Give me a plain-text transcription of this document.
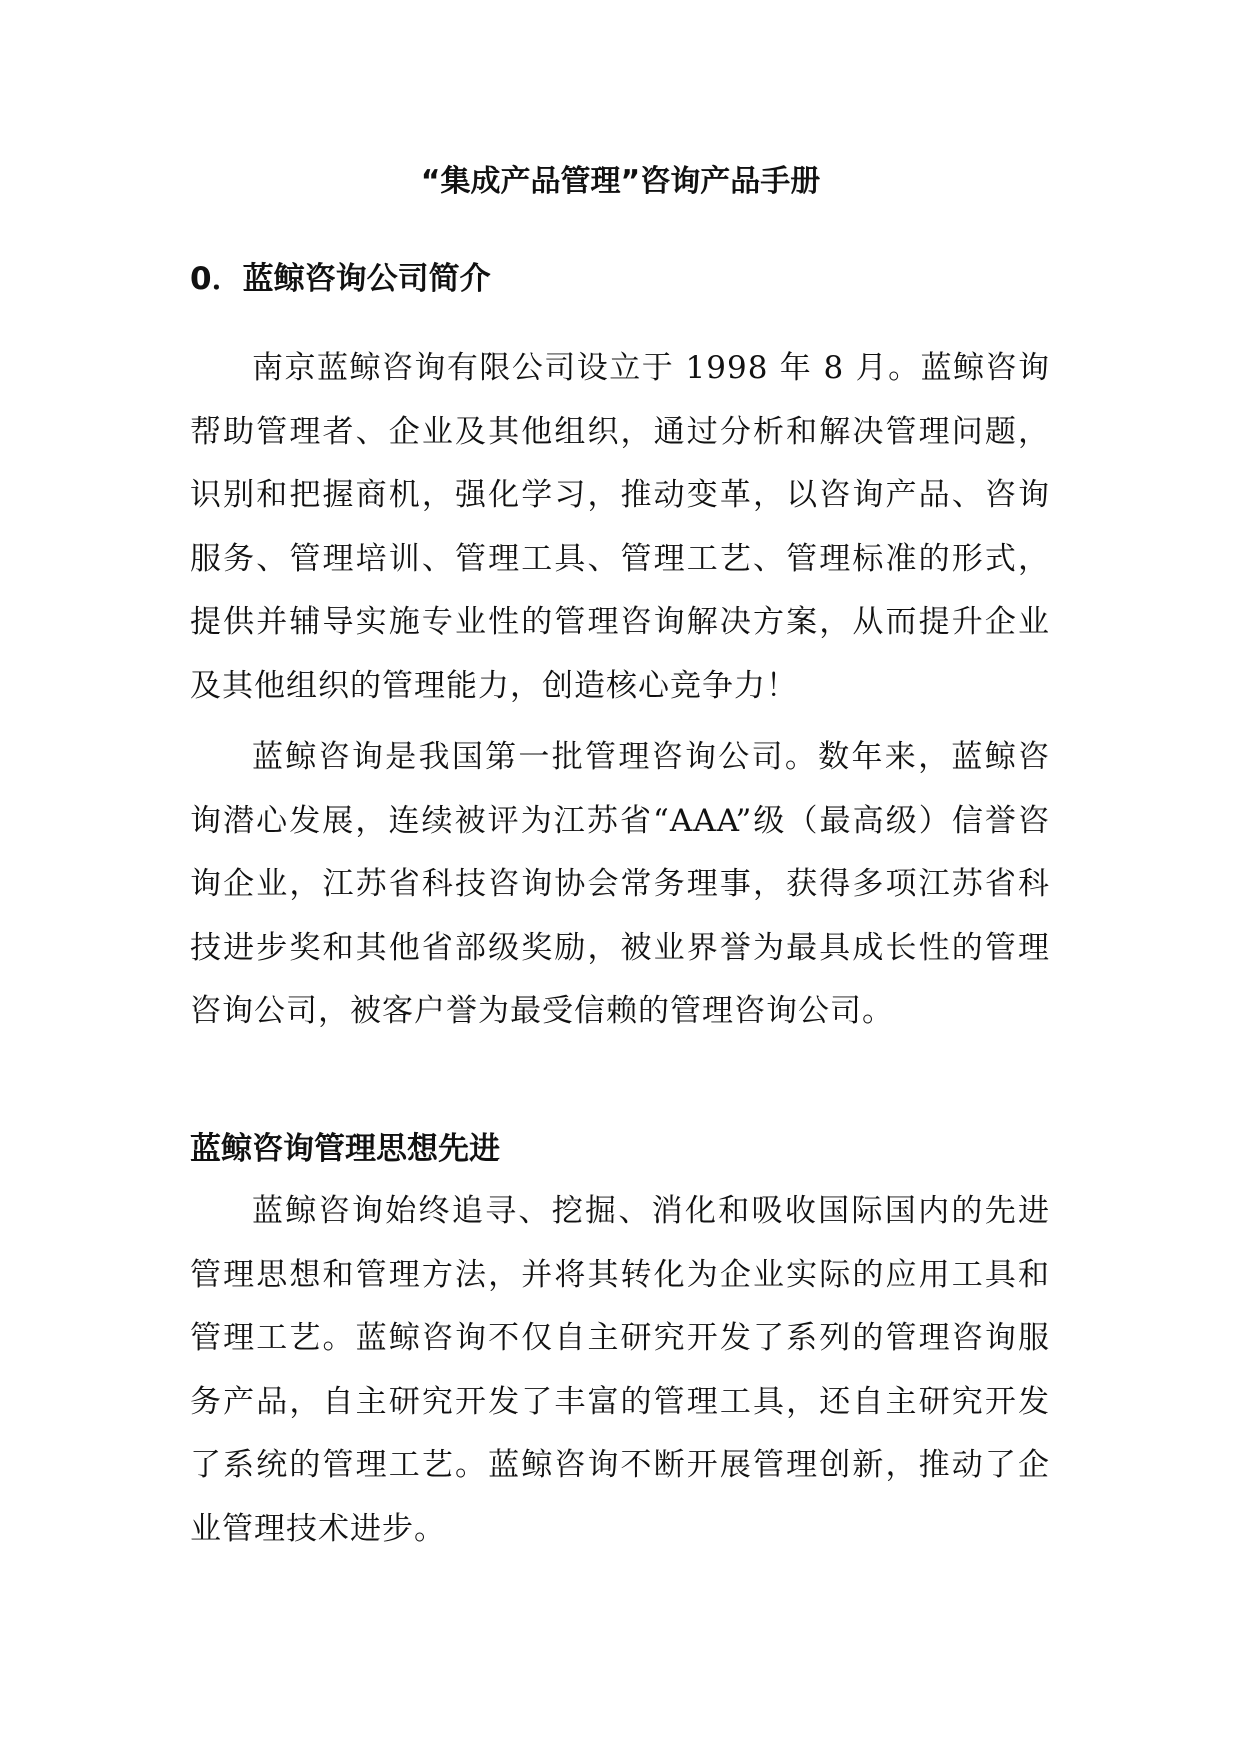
“集成产品管理”咨询产品手册
0．蓝鲸咨询公司简介

南京蓝鲸咨询有限公司设立于 1998 年 8 月。蓝鲸咨询帮助管理者、企业及其他组织，通过分析和解决管理问题，识别和把握商机，强化学习，推动变革，以咨询产品、咨询服务、管理培训、管理工具、管理工艺、管理标准的形式，提供并辅导实施专业性的管理咨询解决方案，从而提升企业及其他组织的管理能力，创造核心竞争力！

蓝鲸咨询是我国第一批管理咨询公司。数年来，蓝鲸咨询潜心发展，连续被评为江苏省“AAA”级（最高级）信誉咨询企业，江苏省科技咨询协会常务理事，获得多项江苏省科技进步奖和其他省部级奖励，被业界誉为最具成长性的管理咨询公司，被客户誉为最受信赖的管理咨询公司。

蓝鲸咨询管理思想先进

蓝鲸咨询始终追寻、挖掘、消化和吸收国际国内的先进管理思想和管理方法，并将其转化为企业实际的应用工具和管理工艺。蓝鲸咨询不仅自主研究开发了系列的管理咨询服务产品，自主研究开发了丰富的管理工具，还自主研究开发了系统的管理工艺。蓝鲸咨询不断开展管理创新，推动了企业管理技术进步。
